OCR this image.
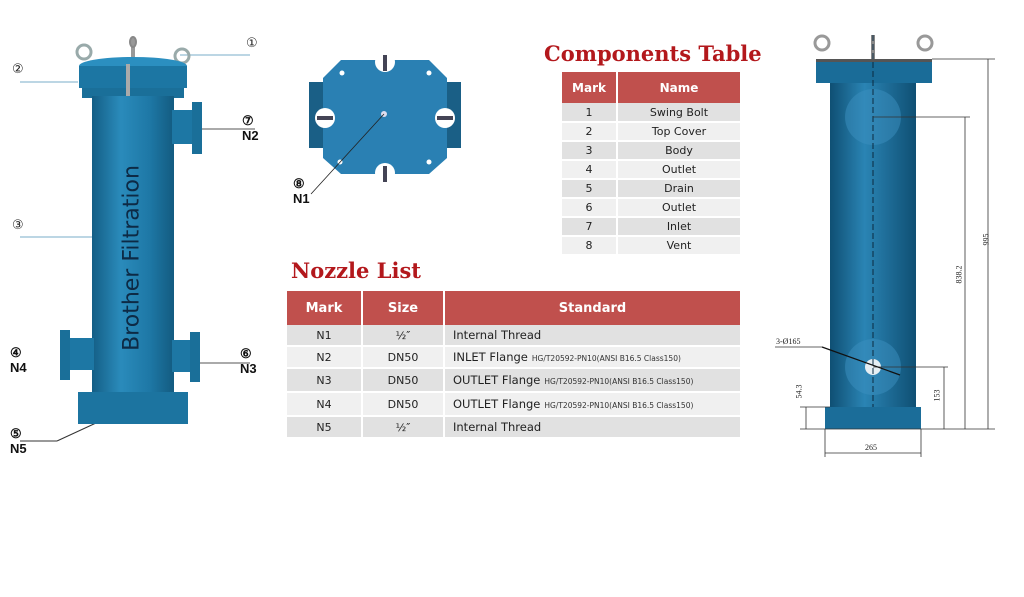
Brother Filtration
①
②
③
④
N4
⑤
N5
⑥
N3
⑦
N2
⑧
N1
Components Table
Mark	Name
1	Swing Bolt
2	Top Cover
3	Body
4	Outlet
5	Drain
6	Outlet
7	Inlet
8	Vent
Nozzle List
Mark	Size	Standard
N1	½″	Internal Thread
N2	DN50	INLET Flange HG/T20592-PN10(ANSI B16.5 Class150)
N3	DN50	OUTLET Flange HG/T20592-PN10(ANSI B16.5 Class150)
N4	DN50	OUTLET Flange HG/T20592-PN10(ANSI B16.5 Class150)
N5	½″	Internal Thread
995
838.2
153
54.3
265
3-Ø165
